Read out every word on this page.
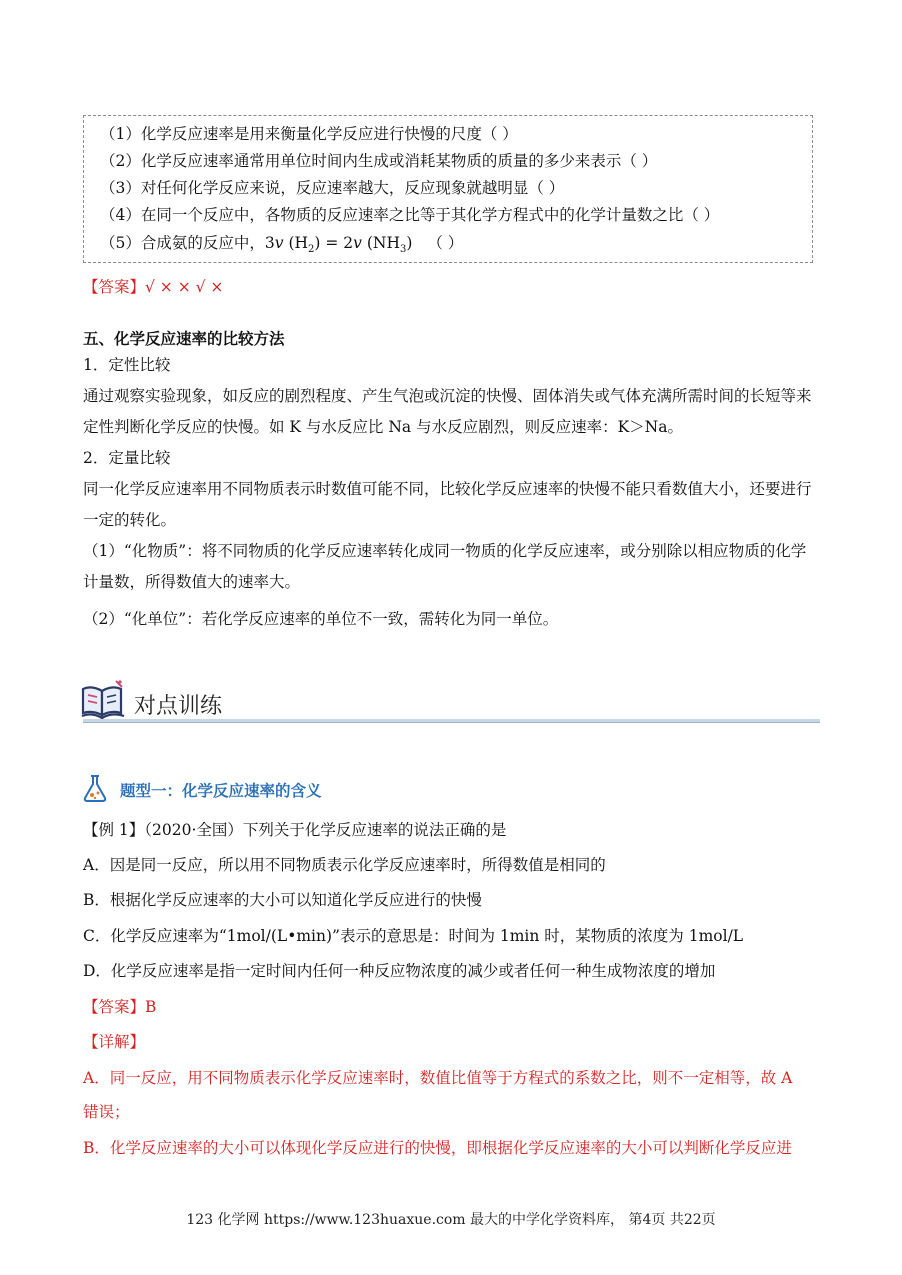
（1）化学反应速率是用来衡量化学反应进行快慢的尺度（ ）
（2）化学反应速率通常用单位时间内生成或消耗某物质的质量的多少来表示（ ）
（3）对任何化学反应来说，反应速率越大，反应现象就越明显（ ）
（4）在同一个反应中，各物质的反应速率之比等于其化学方程式中的化学计量数之比（ ）
（5）合成氨的反应中，3v $(H_2) = 2v$ $(NH_3)$ （ ）
【答案】√ × × √ ×
五、化学反应速率的比较方法
1．定性比较
通过观察实验现象，如反应的剧烈程度、产生气泡或沉淀的快慢、固体消失或气体充满所需时间的长短等来
定性判断化学反应的快慢。如 K 与水反应比 Na 与水反应剧烈，则反应速率：K＞Na。
2．定量比较
同一化学反应速率用不同物质表示时数值可能不同，比较化学反应速率的快慢不能只看数值大小，还要进行
一定的转化。
（1）“化物质”：将不同物质的化学反应速率转化成同一物质的化学反应速率，或分别除以相应物质的化学
计量数，所得数值大的速率大。
（2）“化单位”：若化学反应速率的单位不一致，需转化为同一单位。
对点训练
题型一：化学反应速率的含义
【例 1】（2020·全国）下列关于化学反应速率的说法正确的是
A．因是同一反应，所以用不同物质表示化学反应速率时，所得数值是相同的
B．根据化学反应速率的大小可以知道化学反应进行的快慢
C．化学反应速率为“1mol/(L•min)”表示的意思是：时间为 1min 时，某物质的浓度为 1mol/L
D．化学反应速率是指一定时间内任何一种反应物浓度的减少或者任何一种生成物浓度的增加
【答案】B
【详解】
A．同一反应，用不同物质表示化学反应速率时，数值比值等于方程式的系数之比，则不一定相等，故 A
错误；
B．化学反应速率的大小可以体现化学反应进行的快慢，即根据化学反应速率的大小可以判断化学反应进
123 化学网 https://www.123huaxue.com 最大的中学化学资料库， 第4页 共22页
